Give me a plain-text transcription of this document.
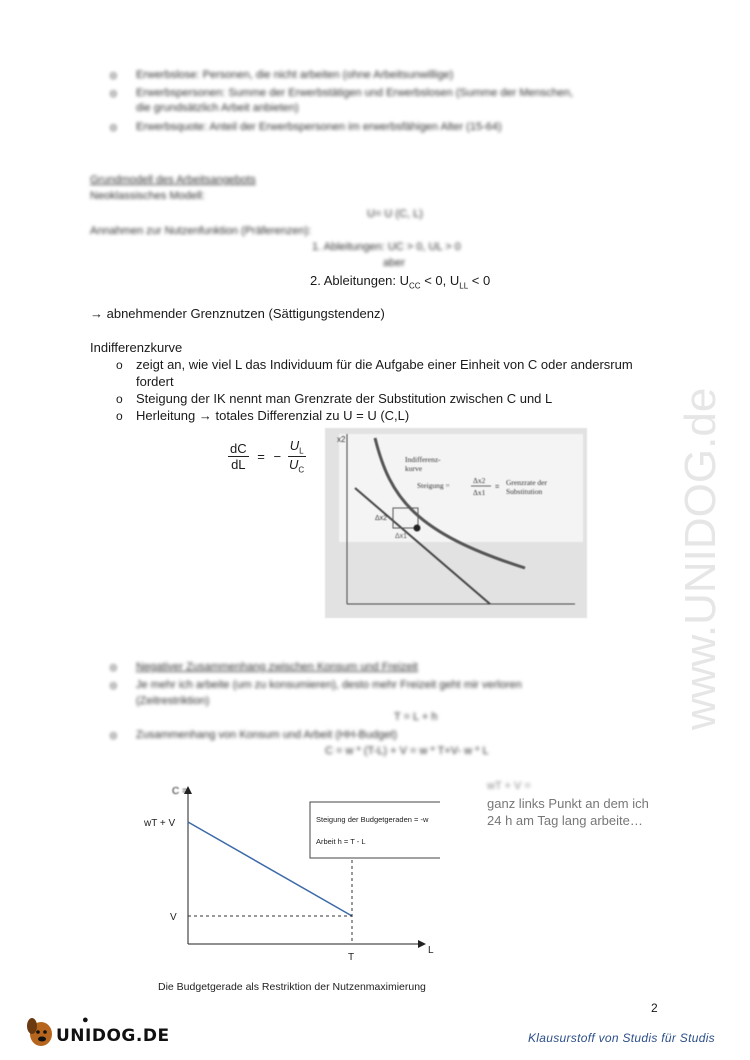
o Erwerbslose: Personen, die nicht arbeiten (ohne Arbeitsunwillige)
o Erwerbspersonen: Summe der Erwerbstätigen und Erwerbslosen (Summe der Menschen,
die grundsätzlich Arbeit anbieten)
o Erwerbsquote: Anteil der Erwerbspersonen im erwerbsfähigen Alter (15-64)
Grundmodell des Arbeitsangebots
Neoklassisches Modell:
U= U (C, L)
Annahmen zur Nutzenfunktion (Präferenzen):
1. Ableitungen: UC > 0, UL > 0
aber
2. Ableitungen: $U_{CC} < 0$, $U_{LL} < 0$
→ abnehmender Grenznutzen (Sättigungstendenz)
Indifferenzkurve
o zeigt an, wie viel L das Individuum für die Aufgabe einer Einheit von C oder andersrum
fordert
o Steigung der IK nennt man Grenzrate der Substitution zwischen C und L
o Herleitung → totales Differenzial zu U = U (C,L)
$\frac{dC}{dL}$ = − $\frac{U_L}{U_C}$	x2
Indifferenz-
kurve
Steigung =
Δx2
Δx1
= Grenzrate der
Substitution
Δx2
Δx1
o Negativer Zusammenhang zwischen Konsum und Freizeit
o Je mehr ich arbeite (um zu konsumieren), desto mehr Freizeit geht mir verloren
(Zeitrestriktion)
T = L + h
o Zusammenhang von Konsum und Arbeit (HH-Budget)
C = w * (T-L) + V = w * T+V- w * L
Steigung der Budgetgeraden = -w
Arbeit h = T - L
C =
L
wT + V
V
T
Die Budgetgerade als Restriktion der Nutzenmaximierung
wT + V =
ganz links Punkt an dem ich
24 h am Tag lang arbeite…
2
●
UNIDOG.DE	Klausurstoff von Studis für Studis
www.UNIDOG.de
